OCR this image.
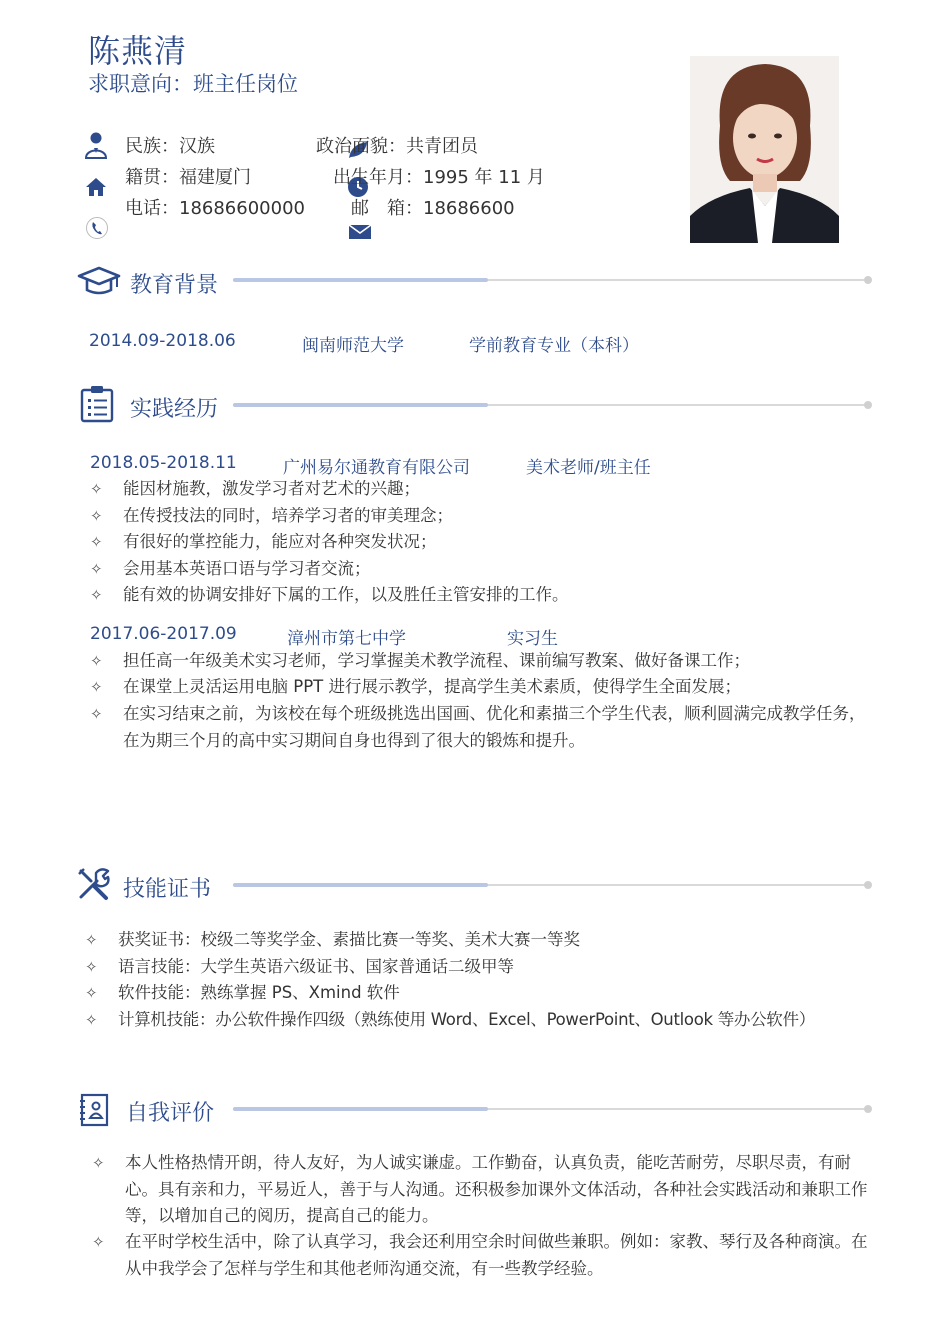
陈燕清
求职意向：班主任岗位
民族：汉族	政治面貌：共青团员
籍贯：福建厦门	出生年月：1995 年 11 月
电话：18686600000	邮　箱：18686600
教育背景
2014.09-2018.06	闽南师范大学	学前教育专业（本科）
实践经历
2018.05-2018.11	广州易尔通教育有限公司	美术老师/班主任
✧ 能因材施教，激发学习者对艺术的兴趣；
✧ 在传授技法的同时，培养学习者的审美理念；
✧ 有很好的掌控能力，能应对各种突发状况；
✧ 会用基本英语口语与学习者交流；
✧ 能有效的协调安排好下属的工作，以及胜任主管安排的工作。
2017.06-2017.09	漳州市第七中学	实习生
✧ 担任高一年级美术实习老师，学习掌握美术教学流程、课前编写教案、做好备课工作；
✧ 在课堂上灵活运用电脑 PPT 进行展示教学，提高学生美术素质，使得学生全面发展；
✧ 在实习结束之前，为该校在每个班级挑选出国画、优化和素描三个学生代表，顺利圆满完成教学任务，在为期三个月的高中实习期间自身也得到了很大的锻炼和提升。
技能证书
✧ 获奖证书：校级二等奖学金、素描比赛一等奖、美术大赛一等奖
✧ 语言技能：大学生英语六级证书、国家普通话二级甲等
✧ 软件技能：熟练掌握 PS、Xmind 软件
✧ 计算机技能：办公软件操作四级（熟练使用 Word、Excel、PowerPoint、Outlook 等办公软件）
自我评价
✧ 本人性格热情开朗，待人友好，为人诚实谦虚。工作勤奋，认真负责，能吃苦耐劳，尽职尽责，有耐心。具有亲和力，平易近人，善于与人沟通。还积极参加课外文体活动，各种社会实践活动和兼职工作等，以增加自己的阅历，提高自己的能力。
✧ 在平时学校生活中，除了认真学习，我会还利用空余时间做些兼职。例如：家教、琴行及各种商演。在从中我学会了怎样与学生和其他老师沟通交流，有一些教学经验。
